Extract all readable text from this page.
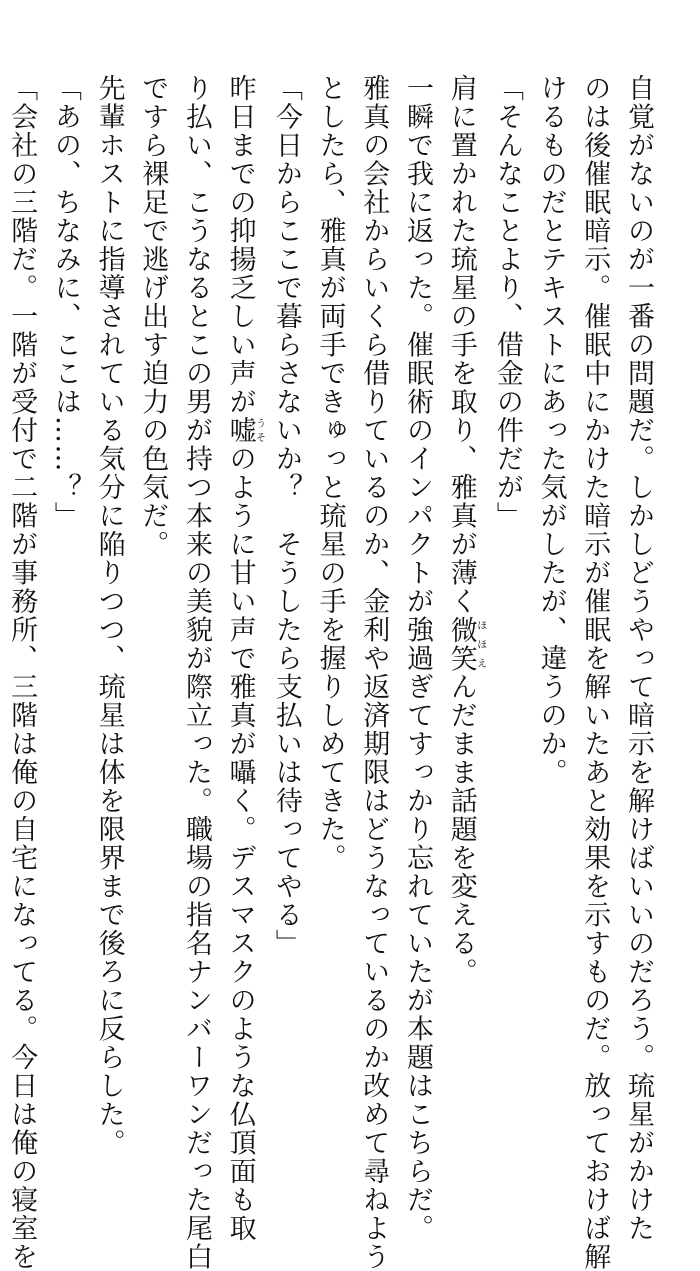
自覚がないのが一番の問題だ。しかしどうやって暗示を解けばいいのだろう。琉星がかけた

のは後催眠暗示。催眠中にかけた暗示が催眠を解いたあと効果を示すものだ。放っておけば解

けるものだとテキストにあった気がしたが、違うのか。

「そんなことより、借金の件だが」

肩に置かれた琉星の手を取り、雅真が薄く微笑ほほえんだまま話題を変える。

一瞬で我に返った。催眠術のインパクトが強過ぎてすっかり忘れていたが本題はこちらだ。

雅真の会社からいくら借りているのか、金利や返済期限はどうなっているのか改めて尋ねよう

としたら、雅真が両手できゅっと琉星の手を握りしめてきた。

「今日からここで暮らさないか？　そうしたら支払いは待ってやる」

昨日までの抑揚乏しい声が嘘うそのように甘い声で雅真が囁く。デスマスクのような仏頂面も取

り払い、こうなるとこの男が持つ本来の美貌が際立った。職場の指名ナンバーワンだった尾白

ですら裸足で逃げ出す迫力の色気だ。

先輩ホストに指導されている気分に陥りつつ、琉星は体を限界まで後ろに反らした。

「あの、ちなみに、ここは……？」

「会社の三階だ。一階が受付で二階が事務所、三階は俺の自宅になってる。今日は俺の寝室を
